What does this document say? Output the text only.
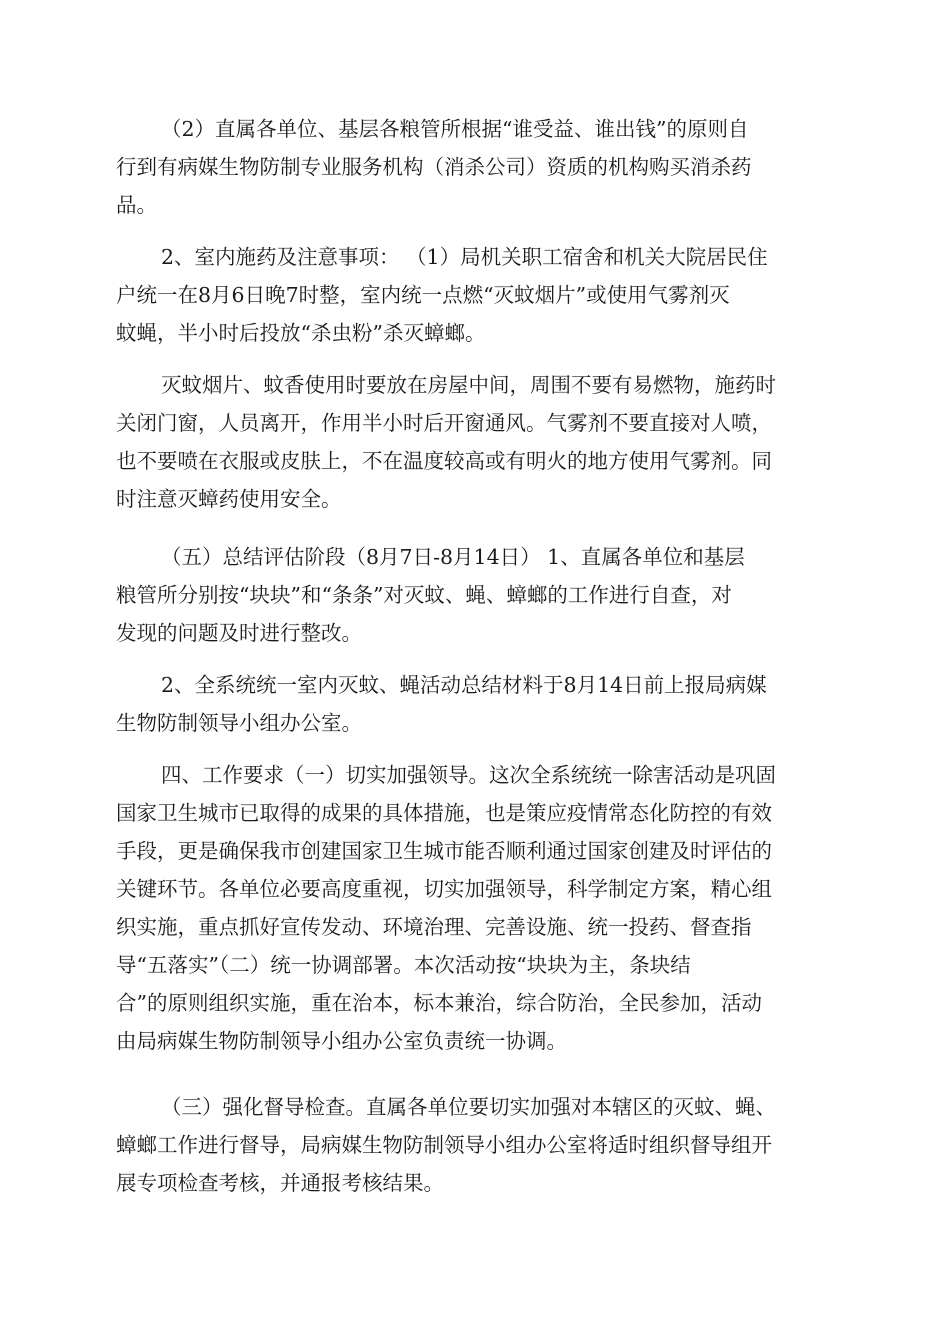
（2）直属各单位、基层各粮管所根据“谁受益、谁出钱”的原则自
行到有病媒生物防制专业服务机构（消杀公司）资质的机构购买消杀药
品。

2、室内施药及注意事项： （1）局机关职工宿舍和机关大院居民住
户统一在8月6日晚7时整，室内统一点燃“灭蚊烟片”或使用气雾剂灭
蚊蝇，半小时后投放“杀虫粉”杀灭蟑螂。

灭蚊烟片、蚊香使用时要放在房屋中间，周围不要有易燃物，施药时
关闭门窗，人员离开，作用半小时后开窗通风。气雾剂不要直接对人喷，
也不要喷在衣服或皮肤上，不在温度较高或有明火的地方使用气雾剂。同
时注意灭蟑药使用安全。

（五）总结评估阶段（8月7日-8月14日） 1、直属各单位和基层
粮管所分别按“块块”和“条条”对灭蚊、蝇、蟑螂的工作进行自查，对
发现的问题及时进行整改。

2、全系统统一室内灭蚊、蝇活动总结材料于8月14日前上报局病媒
生物防制领导小组办公室。

四、工作要求（一）切实加强领导。这次全系统统一除害活动是巩固
国家卫生城市已取得的成果的具体措施，也是策应疫情常态化防控的有效
手段，更是确保我市创建国家卫生城市能否顺利通过国家创建及时评估的
关键环节。各单位必要高度重视，切实加强领导，科学制定方案，精心组
织实施，重点抓好宣传发动、环境治理、完善设施、统一投药、督查指
导“五落实”（二）统一协调部署。本次活动按“块块为主，条块结
合”的原则组织实施，重在治本，标本兼治，综合防治，全民参加，活动
由局病媒生物防制领导小组办公室负责统一协调。

（三）强化督导检查。直属各单位要切实加强对本辖区的灭蚊、蝇、
蟑螂工作进行督导，局病媒生物防制领导小组办公室将适时组织督导组开
展专项检查考核，并通报考核结果。
